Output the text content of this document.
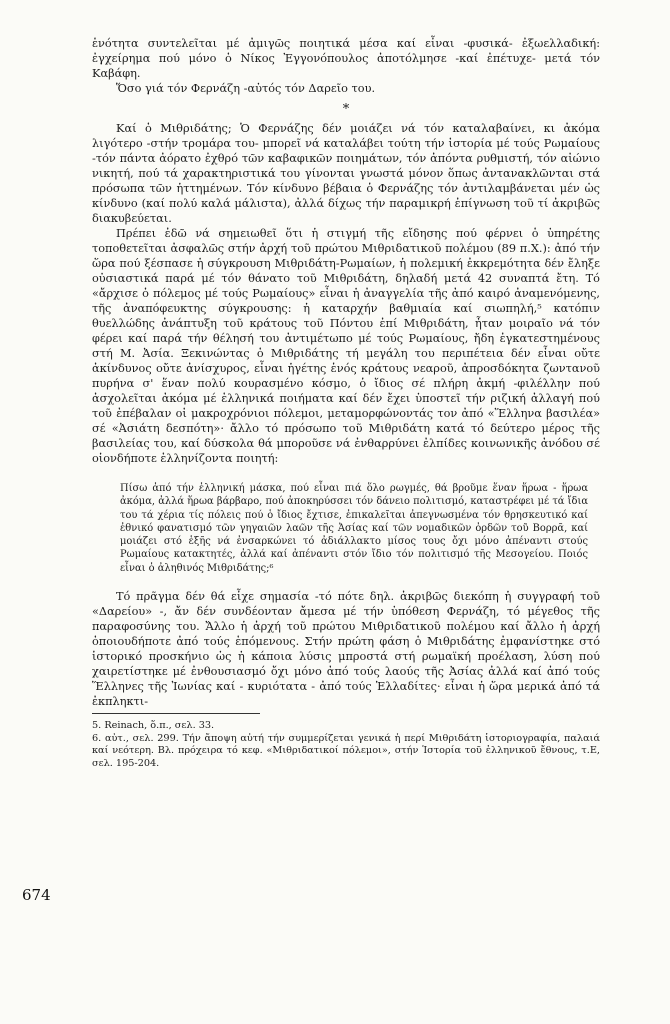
ἑνότητα συντελεῖται μέ ἀμιγῶς ποιητικά μέσα καί εἶναι -φυσικά- ἐξωελλαδική: ἐγχείρημα πού μόνο ὁ Νίκος Ἐγγονόπουλος ἀποτόλμησε -καί ἐπέτυχε- μετά τόν Καβάφη.

Ὅσο γιά τόν Φερνάζη -αὐτός τόν Δαρεῖο του.

*

Καί ὁ Μιθριδάτης; Ὁ Φερνάζης δέν μοιάζει νά τόν καταλαβαίνει, κι ἀκόμα λιγότερο -στήν τρομάρα του- μπορεῖ νά καταλάβει τούτη τήν ἱστορία μέ τούς Ρωμαίους -τόν πάντα ἀόρατο ἐχθρό τῶν καβαφικῶν ποιημάτων, τόν ἀπόντα ρυθμιστή, τόν αἰώνιο νικητή, πού τά χαρακτηριστικά του γίνονται γνωστά μόνον ὅπως ἀντανακλῶνται στά πρόσωπα τῶν ἡττημένων. Τόν κίνδυνο βέβαια ὁ Φερνάζης τόν ἀντιλαμβάνεται μέν ὡς κίνδυνο (καί πολύ καλά μάλιστα), ἀλλά δίχως τήν παραμικρή ἐπίγνωση τοῦ τί ἀκριβῶς διακυβεύεται.

Πρέπει ἐδῶ νά σημειωθεῖ ὅτι ἡ στιγμή τῆς εἴδησης πού φέρνει ὁ ὑπηρέτης τοποθετεῖται ἀσφαλῶς στήν ἀρχή τοῦ πρώτου Μιθριδατικοῦ πολέμου (89 π.Χ.): ἀπό τήν ὥρα πού ξέσπασε ἡ σύγκρουση Μιθριδάτη-Ρωμαίων, ἡ πολεμική ἐκκρεμότητα δέν ἔληξε οὐσιαστικά παρά μέ τόν θάνατο τοῦ Μιθριδάτη, δηλαδή μετά 42 συναπτά ἔτη. Τό «ἄρχισε ὁ πόλεμος μέ τούς Ρωμαίους» εἶναι ἡ ἀναγγελία τῆς ἀπό καιρό ἀναμενόμενης, τῆς ἀναπόφευκτης σύγκρουσης: ἡ καταρχήν βαθμιαία καί σιωπηλή,⁵ κατόπιν θυελλώδης ἀνάπτυξη τοῦ κράτους τοῦ Πόντου ἐπί Μιθριδάτη, ἦταν μοιραῖο νά τόν φέρει καί παρά τήν θέλησή του ἀντιμέτωπο μέ τούς Ρωμαίους, ἤδη ἐγκατεστημένους στή Μ. Ἀσία. Ξεκινώντας ὁ Μιθριδάτης τή μεγάλη του περιπέτεια δέν εἶναι οὔτε ἀκίνδυνος οὔτε ἀνίσχυρος, εἶναι ἡγέτης ἑνός κράτους νεαροῦ, ἀπροσδόκητα ζωντανοῦ πυρήνα σ' ἕναν πολύ κουρασμένο κόσμο, ὁ ἴδιος σέ πλήρη ἀκμή -φιλέλλην πού ἀσχολεῖται ἀκόμα μέ ἑλληνικά ποιήματα καί δέν ἔχει ὑποστεῖ τήν ριζική ἀλλαγή πού τοῦ ἐπέβαλαν οἱ μακροχρόνιοι πόλεμοι, μεταμορφώνοντάς τον ἀπό «Ἕλληνα βασιλέα» σέ «Ἀσιάτη δεσπότη»· ἄλλο τό πρόσωπο τοῦ Μιθριδάτη κατά τό δεύτερο μέρος τῆς βασιλείας του, καί δύσκολα θά μποροῦσε νά ἐνθαρρύνει ἐλπίδες κοινωνικῆς ἀνόδου σέ οἱονδήποτε ἑλληνίζοντα ποιητή:

Πίσω ἀπό τήν ἑλληνική μάσκα, πού εἶναι πιά ὅλο ρωγμές, θά βροῦμε ἕναν ἥρωα - ἥρωα ἀκόμα, ἀλλά ἥρωα βάρβαρο, πού ἀποκηρύσσει τόν δάνειο πολιτισμό, καταστρέφει μέ τά ἴδια του τά χέρια τίς πόλεις πού ὁ ἴδιος ἔχτισε, ἐπικαλεῖται ἀπεγνωσμένα τόν θρησκευτικό καί ἐθνικό φανατισμό τῶν γηγαιῶν λαῶν τῆς Ἀσίας καί τῶν νομαδικῶν ὀρδῶν τοῦ Βορρᾶ, καί μοιάζει στό ἑξῆς νά ἐνσαρκώνει τό ἀδιάλλακτο μίσος τους ὄχι μόνο ἀπέναντι στούς Ρωμαίους κατακτητές, ἀλλά καί ἀπέναντι στόν ἴδιο τόν πολιτισμό τῆς Μεσογείου. Ποιός εἶναι ὁ ἀληθινός Μιθριδάτης;⁶

Τό πρᾶγμα δέν θά εἶχε σημασία -τό πότε δηλ. ἀκριβῶς διεκόπη ἡ συγγραφή τοῦ «Δαρείου» -, ἄν δέν συνδέονταν ἄμεσα μέ τήν ὑπόθεση Φερνάζη, τό μέγεθος τῆς παραφοσύνης του. Ἄλλο ἡ ἀρχή τοῦ πρώτου Μιθριδατικοῦ πολέμου καί ἄλλο ἡ ἀρχή ὁποιουδήποτε ἀπό τούς ἑπόμενους. Στήν πρώτη φάση ὁ Μιθριδάτης ἐμφανίστηκε στό ἱστορικό προσκήνιο ὡς ἡ κάποια λύσις μπροστά στή ρωμαϊκή προέλαση, λύση πού χαιρετίστηκε μέ ἐνθουσιασμό ὄχι μόνο ἀπό τούς λαούς τῆς Ἀσίας ἀλλά καί ἀπό τούς Ἕλληνες τῆς Ἰωνίας καί - κυριότατα - ἀπό τούς Ἑλλαδίτες· εἶναι ἡ ὥρα μερικά ἀπό τά ἐκπληκτι-

5. Reinach, ὅ.π., σελ. 33.

6. αὐτ., σελ. 299. Τήν ἄποψη αὐτή τήν συμμερίζεται γενικά ἡ περί Μιθριδάτη ἱστοριογραφία, παλαιά καί νεότερη. Βλ. πρόχειρα τό κεφ. «Μιθριδατικοί πόλεμοι», στήν Ἱστορία τοῦ ἑλληνικοῦ ἔθνους, τ.Ε, σελ. 195-204.

674
